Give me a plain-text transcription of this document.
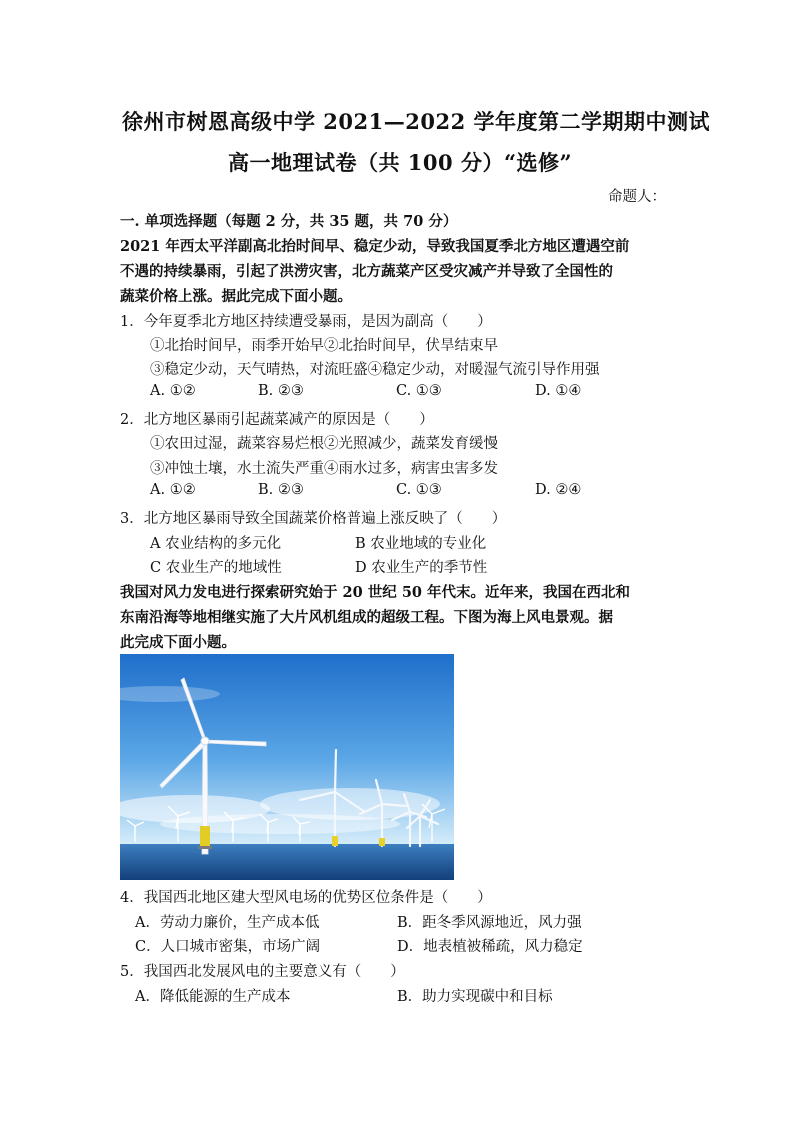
徐州市树恩高级中学 2021—2022 学年度第二学期期中测试
高一地理试卷（共 100 分）“选修”
命题人：
一. 单项选择题（每题 2 分，共 35 题，共 70 分）
2021 年西太平洋副高北抬时间早、稳定少动，导致我国夏季北方地区遭遇空前
不遇的持续暴雨，引起了洪涝灾害，北方蔬菜产区受灾减产并导致了全国性的
蔬菜价格上涨。据此完成下面小题。
1．今年夏季北方地区持续遭受暴雨，是因为副高（　　）
①北抬时间早，雨季开始早②北抬时间早，伏旱结束早
③稳定少动，天气晴热，对流旺盛④稳定少动，对暖湿气流引导作用强
A. ①②	B. ②③	C. ①③	D. ①④
2．北方地区暴雨引起蔬菜减产的原因是（　　）
①农田过湿，蔬菜容易烂根②光照减少，蔬菜发育缓慢
③冲蚀土壤，水土流失严重④雨水过多，病害虫害多发
A. ①②	B. ②③	C. ①③	D. ②④
3．北方地区暴雨导致全国蔬菜价格普遍上涨反映了（　　）
A 农业结构的多元化	B 农业地域的专业化
C 农业生产的地域性	D 农业生产的季节性
我国对风力发电进行探索研究始于 20 世纪 50 年代末。近年来，我国在西北和
东南沿海等地相继实施了大片风机组成的超级工程。下图为海上风电景观。据
此完成下面小题。
4．我国西北地区建大型风电场的优势区位条件是（　　）
A．劳动力廉价，生产成本低	B．距冬季风源地近，风力强
C．人口城市密集，市场广阔	D．地表植被稀疏，风力稳定
5．我国西北发展风电的主要意义有（　　）
A．降低能源的生产成本	B．助力实现碳中和目标
